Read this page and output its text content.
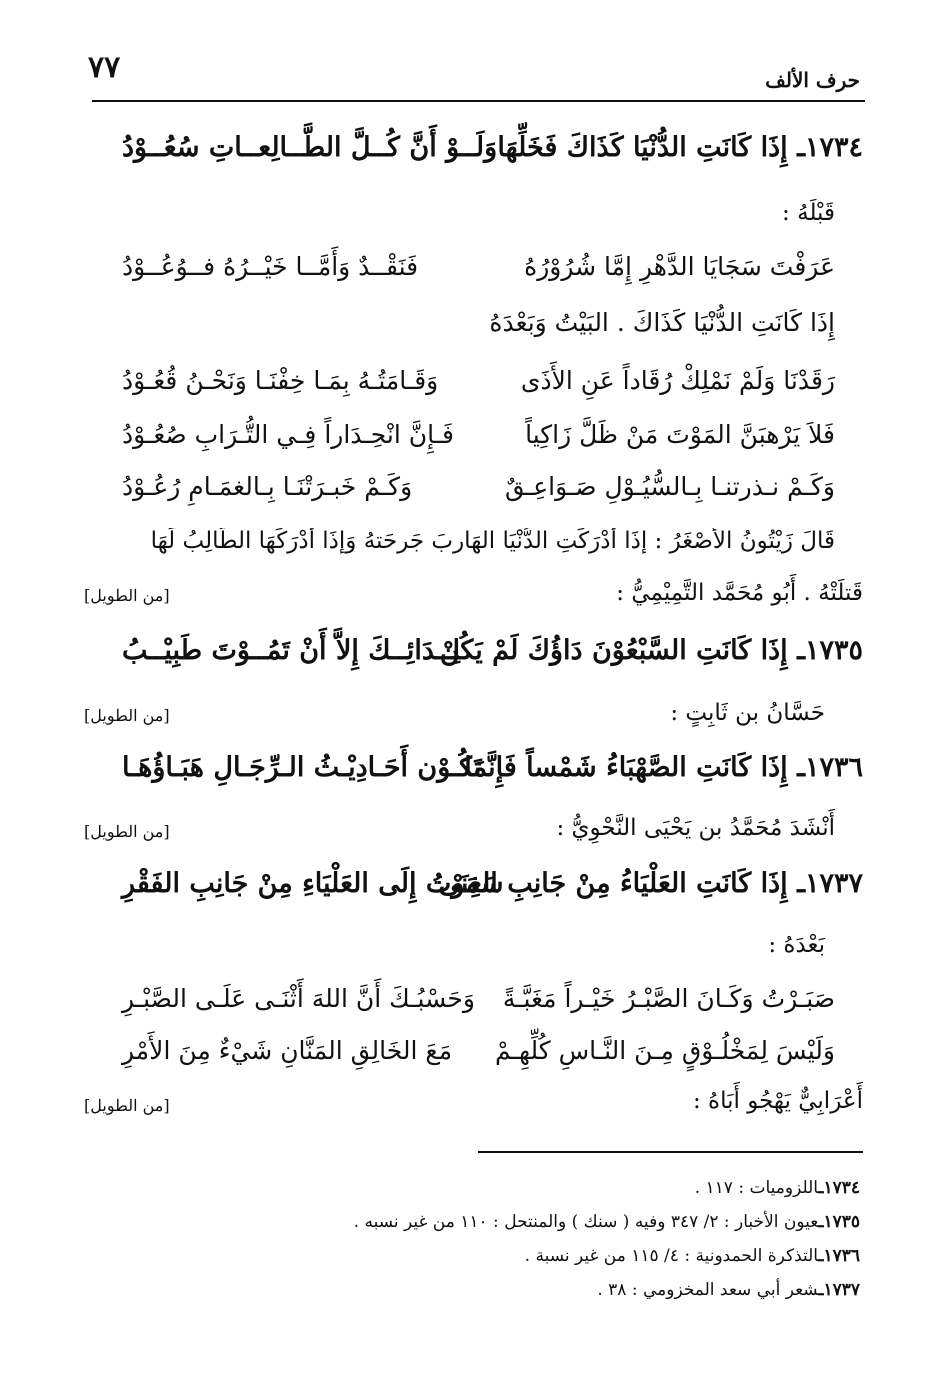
٧٧	حرف الألف
١٧٣٤ـ إِذَا كَانَتِ الدُّنْيَا كَذَاكَ فَخَلِّهَا
وَلَــوْ أَنَّ كُــلَّ الطَّــالِعــاتِ سُعُــوْدُ
قَبْلَهُ :
عَرَفْتَ سَجَايَا الدَّهْرِ إِمَّا شُرُوْرُهُ
فَنَقْــدٌ وَأَمَّــا خَيْــرُهُ فــوُعُــوْدُ
إِذَا كَانَتِ الدُّنْيَا كَذَاكَ . البَيْتُ وَبَعْدَهُ
رَقَدْنَا وَلَمْ نَمْلِكْ رُقَاداً عَنِ الأَذَى
وَقَـامَتُـهُ بِمَـا خِفْنَـا وَنَحْـنُ قُعُـوْدُ
فَلاَ يَرْهبَنَّ المَوْتَ مَنْ ظَلَّ زَاكِياً
فَـإِنَّ انْحِـدَاراً فِـي التُّـرَابِ صُعُـوْدُ
وَكَـمْ نـذرتنـا بِـالسُّيُـوْلِ صَـوَاعِـقٌ
وَكَـمْ خَبـرَتْنَـا بِـالغمَـامِ رُعُـوْدُ
قَالَ زَيْتُونُ الأَصْغَرُ : إِذَا أَدْرَكَتِ الدُّنْيَا الهَارِبَ جَرحَتهُ وَإِذَا أَدْرَكَهَا الطَّالِبُ لَهَا
قَتلَتْهُ . أَبُو مُحَمَّد التَّمِيْمِيُّ :
[من الطويل]
١٧٣٥ـ إِذَا كَانَتِ السَّبْعُوْنَ دَاؤُكَ لَمْ يَكُنْ
لِــدَائِــكَ إِلاَّ أَنْ تَمُــوْتَ طَبِيْــبُ
حَسَّانُ بن ثَابِتٍ :
[من الطويل]
١٧٣٦ـ إِذَا كَانَتِ الصَّهْبَاءُ شَمْساً فَإِنَّمَا
تَكُـوْن أَحَـادِيْـثُ الـرِّجَـالِ هَبَـاؤُهَـا
أَنْشَدَ مُحَمَّدُ بن يَحْيَى النَّحْوِيُّ :
[من الطويل]
١٧٣٧ـ إِذَا كَانَتِ العَلْيَاءُ مِنْ جَانِبِ الغِنَى
سَمَوْتُ إِلَى العَلْيَاءِ مِنْ جَانِبِ الفَقْرِ
بَعْدَهُ :
صَبَـرْتُ وَكَـانَ الصَّبْـرُ خَيْـراً مَغَبَّـةً
وَحَسْبُـكَ أَنَّ اللهَ أَثْنَـى عَلَـى الصَّبْـرِ
وَلَيْسَ لِمَخْلُـوْقٍ مِـنَ النَّـاسِ كُلِّهِـمْ
مَعَ الخَالِقِ المَنَّانِ شَيْءٌ مِنَ الأَمْرِ
أَعْرَابِيٌّ يَهْجُو أَبَاهُ :
[من الطويل]
١٧٣٤ـاللزوميات : ١١٧ .
١٧٣٥ـعيون الأخبار : ٢/ ٣٤٧ وفيه ( سنك ) والمنتحل : ١١٠ من غير نسبه .
١٧٣٦ـالتذكرة الحمدونية : ٤/ ١١٥ من غير نسبة .
١٧٣٧ـشعر أبي سعد المخزومي : ٣٨ .
